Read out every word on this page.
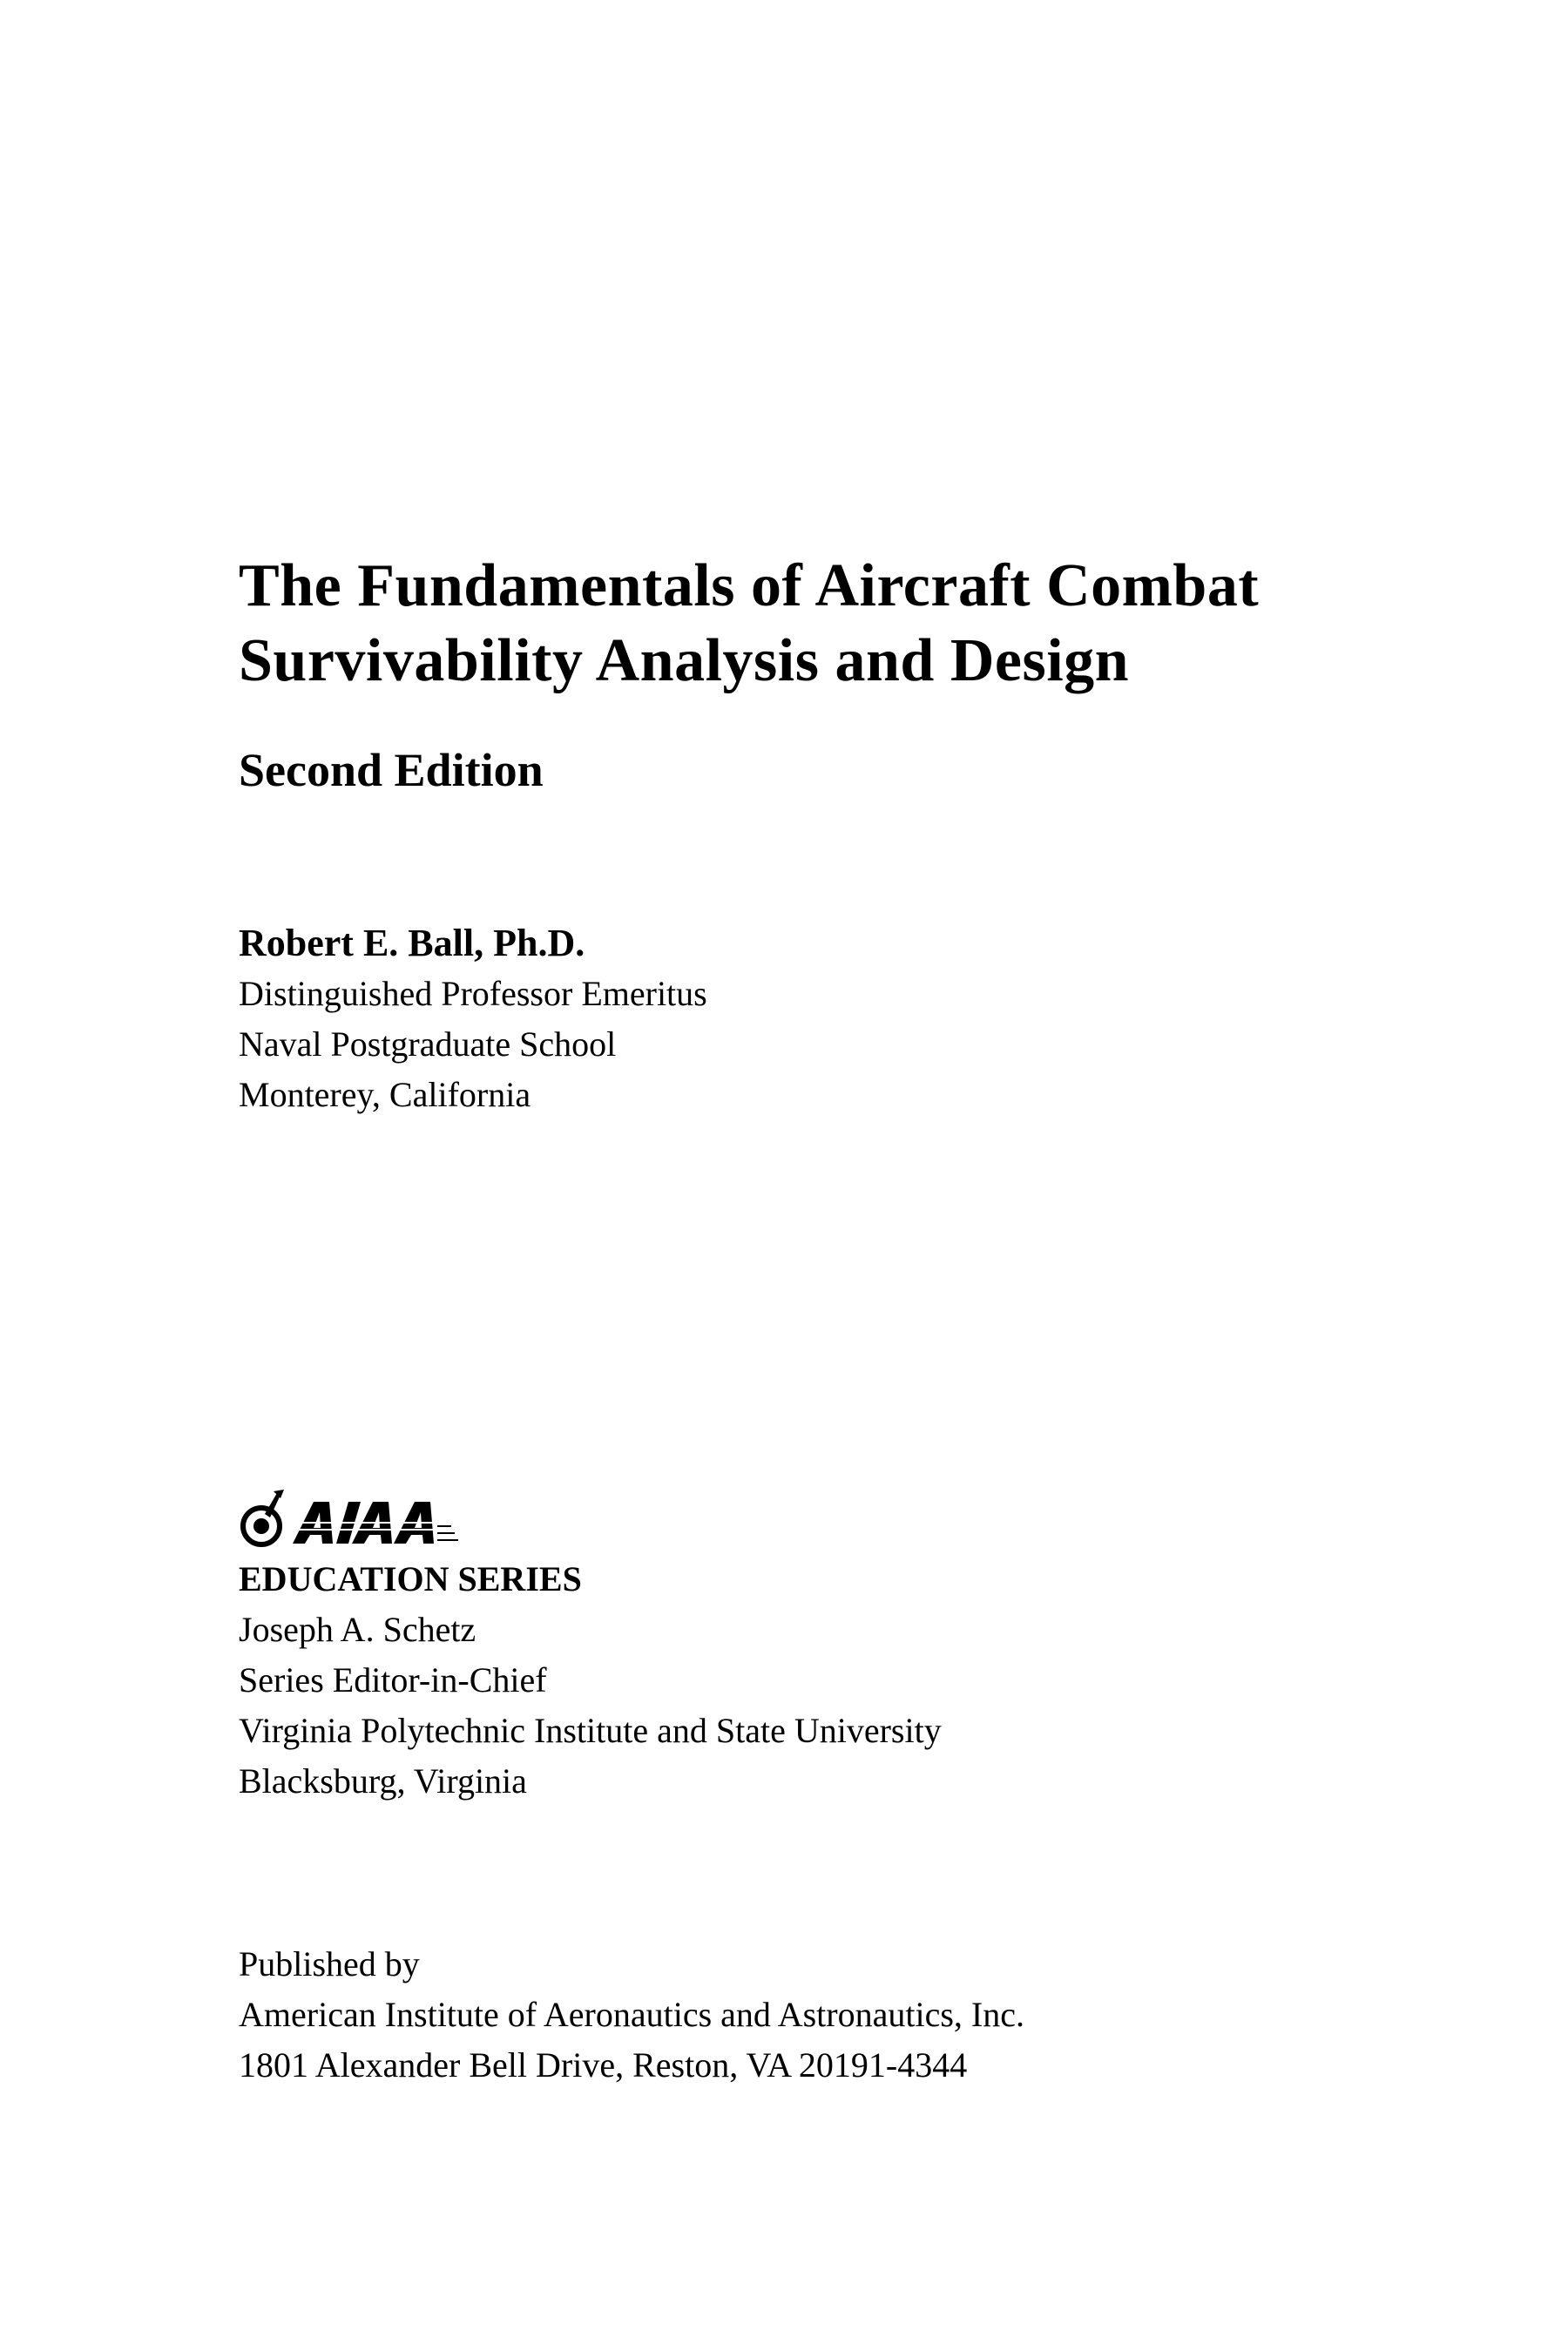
The Fundamentals of Aircraft Combat
Survivability Analysis and Design
Second Edition
Robert E. Ball, Ph.D.
Distinguished Professor Emeritus
Naval Postgraduate School
Monterey, California
EDUCATION SERIES
Joseph A. Schetz
Series Editor-in-Chief
Virginia Polytechnic Institute and State University
Blacksburg, Virginia
Published by
American Institute of Aeronautics and Astronautics, Inc.
1801 Alexander Bell Drive, Reston, VA 20191-4344
